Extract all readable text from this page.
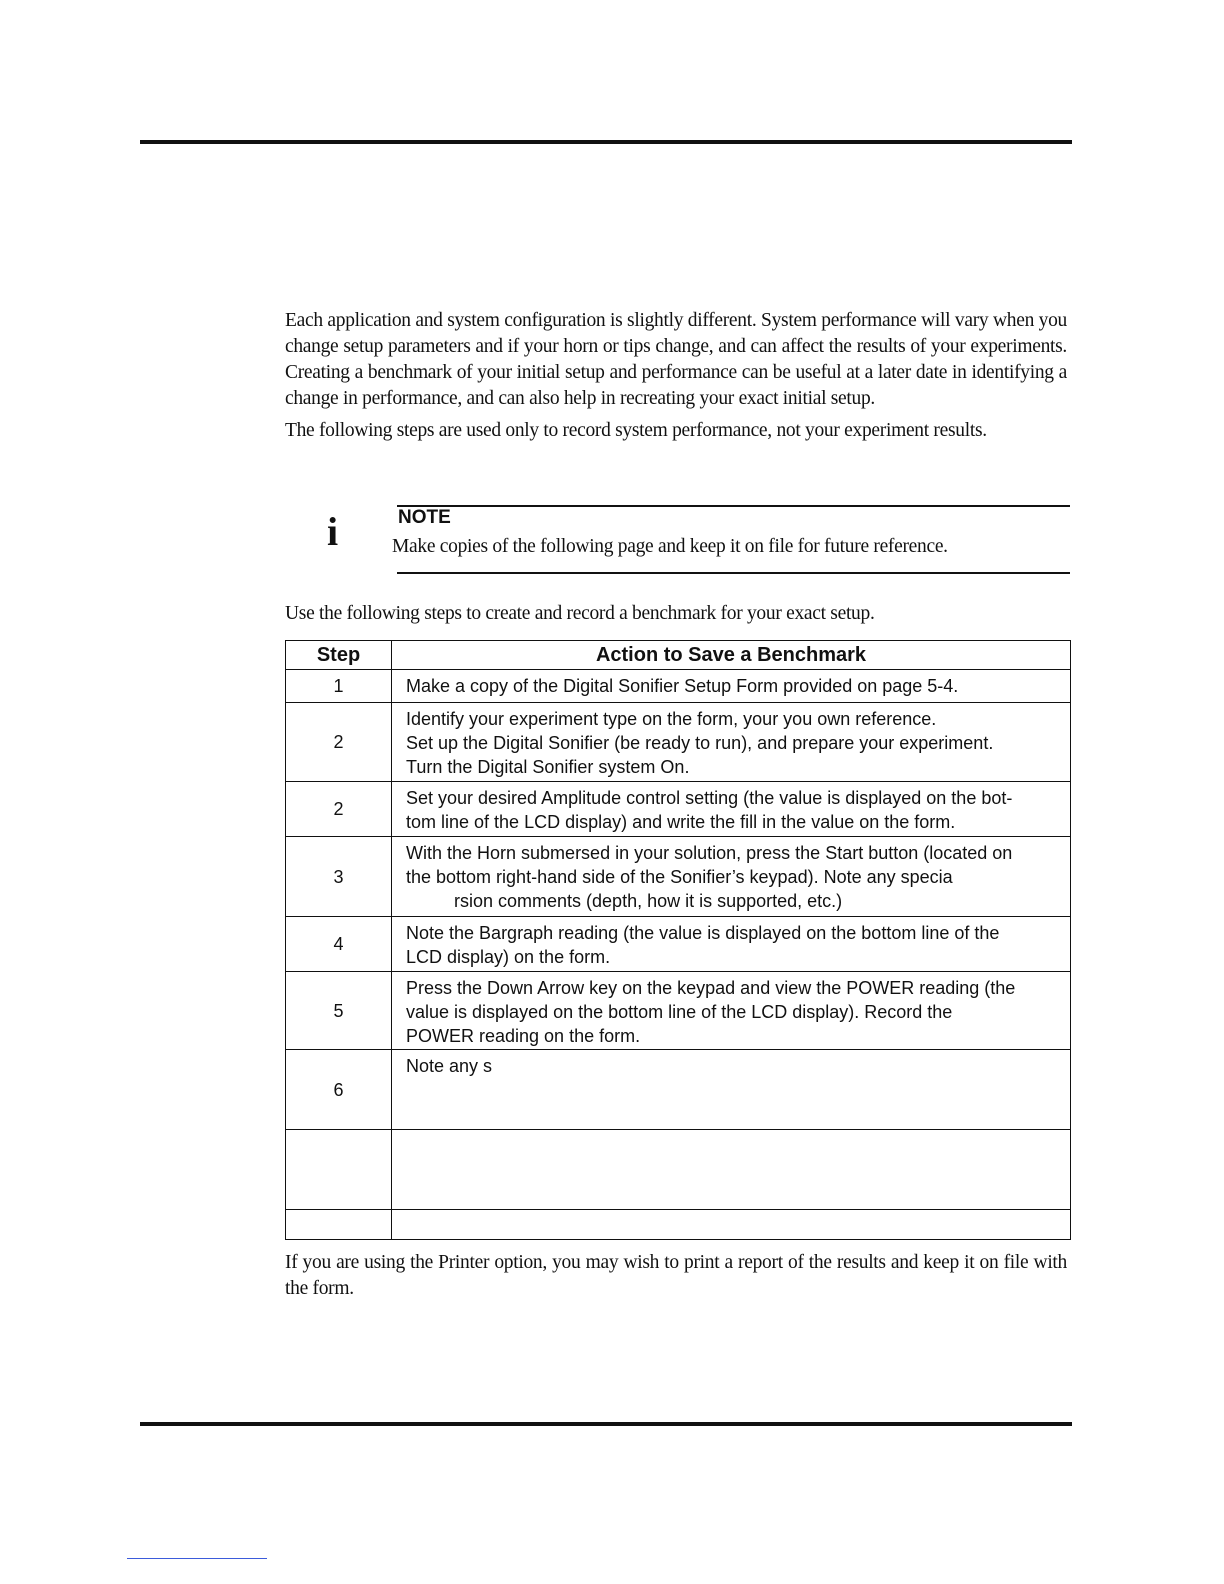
Each application and system configuration is slightly different. System performance will vary when you change setup parameters and if your horn or tips change, and can affect the results of your experiments. Creating a benchmark of your initial setup and performance can be useful at a later date in identifying a change in performance, and can also help in recreating your exact initial setup.

The following steps are used only to record system performance, not your experiment results.

i	NOTE
Make copies of the following page and keep it on file for future reference.

Use the following steps to create and record a benchmark for your exact setup.

Step	Action to Save a Benchmark
1	Make a copy of the Digital Sonifier Setup Form provided on page 5-4.

2	Identify your experiment type on the form, your you own reference.
Set up the Digital Sonifier (be ready to run), and prepare your experiment.
Turn the Digital Sonifier system On.

2	Set your desired Amplitude control setting (the value is displayed on the bot-
tom line of the LCD display) and write the fill in the value on the form.

3	With the Horn submersed in your solution, press the Start button (located on
the bottom right-hand side of the Sonifier’s keypad). Note any specia
rsion comments (depth, how it is supported, etc.)

4	Note the Bargraph reading (the value is displayed on the bottom line of the
LCD display) on the form.

5	Press the Down Arrow key on the keypad and view the POWER reading (the
value is displayed on the bottom line of the LCD display). Record the
POWER reading on the form.

6	Note any s

If you are using the Printer option, you may wish to print a report of the results and keep it on file with the form.
